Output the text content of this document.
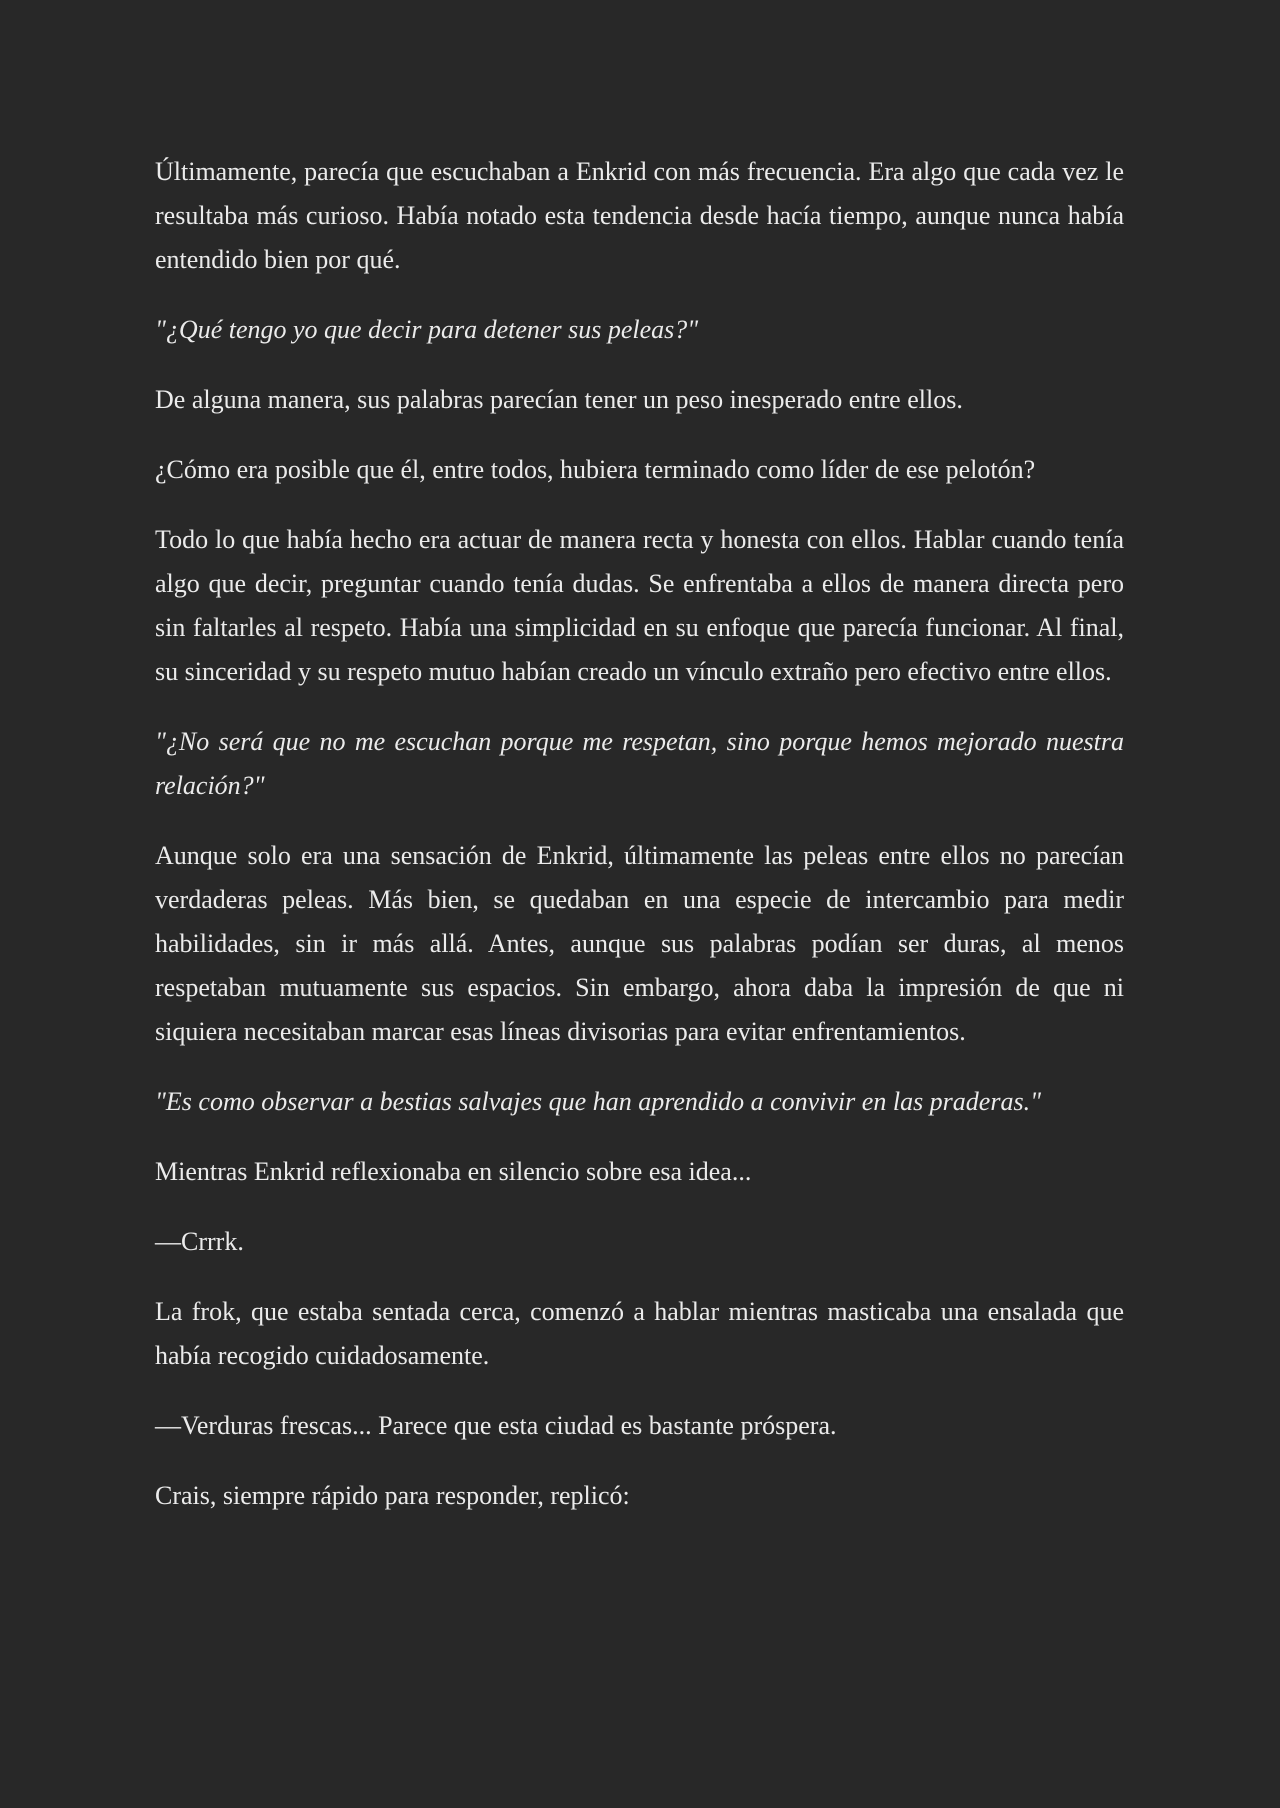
Últimamente, parecía que escuchaban a Enkrid con más frecuencia. Era algo que cada vez le resultaba más curioso. Había notado esta tendencia desde hacía tiempo, aunque nunca había entendido bien por qué.

"¿Qué tengo yo que decir para detener sus peleas?"

De alguna manera, sus palabras parecían tener un peso inesperado entre ellos.

¿Cómo era posible que él, entre todos, hubiera terminado como líder de ese pelotón?

Todo lo que había hecho era actuar de manera recta y honesta con ellos. Hablar cuando tenía algo que decir, preguntar cuando tenía dudas. Se enfrentaba a ellos de manera directa pero sin faltarles al respeto. Había una simplicidad en su enfoque que parecía funcionar. Al final, su sinceridad y su respeto mutuo habían creado un vínculo extraño pero efectivo entre ellos.

"¿No será que no me escuchan porque me respetan, sino porque hemos mejorado nuestra relación?"

Aunque solo era una sensación de Enkrid, últimamente las peleas entre ellos no parecían verdaderas peleas. Más bien, se quedaban en una especie de intercambio para medir habilidades, sin ir más allá. Antes, aunque sus palabras podían ser duras, al menos respetaban mutuamente sus espacios. Sin embargo, ahora daba la impresión de que ni siquiera necesitaban marcar esas líneas divisorias para evitar enfrentamientos.

"Es como observar a bestias salvajes que han aprendido a convivir en las praderas."

Mientras Enkrid reflexionaba en silencio sobre esa idea...

—Crrrk.

La frok, que estaba sentada cerca, comenzó a hablar mientras masticaba una ensalada que había recogido cuidadosamente.

—Verduras frescas... Parece que esta ciudad es bastante próspera.

Crais, siempre rápido para responder, replicó:
